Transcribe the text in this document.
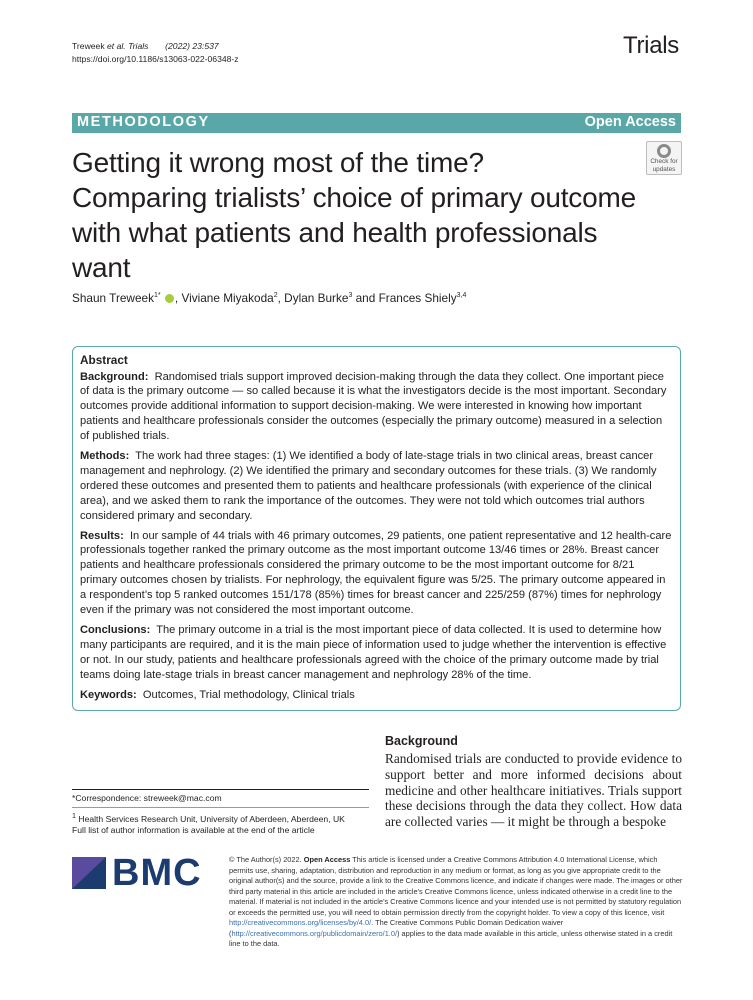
Treweek et al. Trials (2022) 23:537
https://doi.org/10.1186/s13063-022-06348-z	Trials
METHODOLOGY	Open Access
Getting it wrong most of the time?
Comparing trialists’ choice of primary outcome
with what patients and health professionals
want
Check for
updates
Shaun Treweek$^{1*}$ , Viviane Miyakoda$^2$, Dylan Burke$^3$ and Frances Shiely$^{3,4}$
Abstract

Background: Randomised trials support improved decision-making through the data they collect. One important piece of data is the primary outcome — so called because it is what the investigators decide is the most important. Secondary outcomes provide additional information to support decision-making. We were interested in knowing how important patients and healthcare professionals consider the outcomes (especially the primary outcome) measured in a selection of published trials.

Methods: The work had three stages: (1) We identified a body of late-stage trials in two clinical areas, breast cancer management and nephrology. (2) We identified the primary and secondary outcomes for these trials. (3) We randomly ordered these outcomes and presented them to patients and healthcare professionals (with experience of the clinical area), and we asked them to rank the importance of the outcomes. They were not told which outcomes trial authors considered primary and secondary.

Results: In our sample of 44 trials with 46 primary outcomes, 29 patients, one patient representative and 12 health-care professionals together ranked the primary outcome as the most important outcome 13/46 times or 28%. Breast cancer patients and healthcare professionals considered the primary outcome to be the most important outcome for 8/21 primary outcomes chosen by trialists. For nephrology, the equivalent figure was 5/25. The primary outcome appeared in a respondent’s top 5 ranked outcomes 151/178 (85%) times for breast cancer and 225/259 (87%) times for nephrology even if the primary was not considered the most important outcome.

Conclusions: The primary outcome in a trial is the most important piece of data collected. It is used to determine how many participants are required, and it is the main piece of information used to judge whether the intervention is effective or not. In our study, patients and healthcare professionals agreed with the choice of the primary outcome made by trial teams doing late-stage trials in breast cancer management and nephrology 28% of the time.

Keywords: Outcomes, Trial methodology, Clinical trials

Background

Randomised trials are conducted to provide evidence to support better and more informed decisions about medicine and other healthcare initiatives. Trials support these decisions through the data they collect. How data are collected varies — it might be through a bespoke

*Correspondence: streweek@mac.com
$^1$ Health Services Research Unit, University of Aberdeen, Aberdeen, UK
Full list of author information is available at the end of the article
BMC	© The Author(s) 2022. Open Access This article is licensed under a Creative Commons Attribution 4.0 International License, which permits use, sharing, adaptation, distribution and reproduction in any medium or format, as long as you give appropriate credit to the original author(s) and the source, provide a link to the Creative Commons licence, and indicate if changes were made. The images or other third party material in this article are included in the article’s Creative Commons licence, unless indicated otherwise in a credit line to the material. If material is not included in the article’s Creative Commons licence and your intended use is not permitted by statutory regulation or exceeds the permitted use, you will need to obtain permission directly from the copyright holder. To view a copy of this licence, visit http://creativecommons.org/licenses/by/4.0/. The Creative Commons Public Domain Dedication waiver (http://creativecommons.org/publicdomain/zero/1.0/) applies to the data made available in this article, unless otherwise stated in a credit line to the data.
